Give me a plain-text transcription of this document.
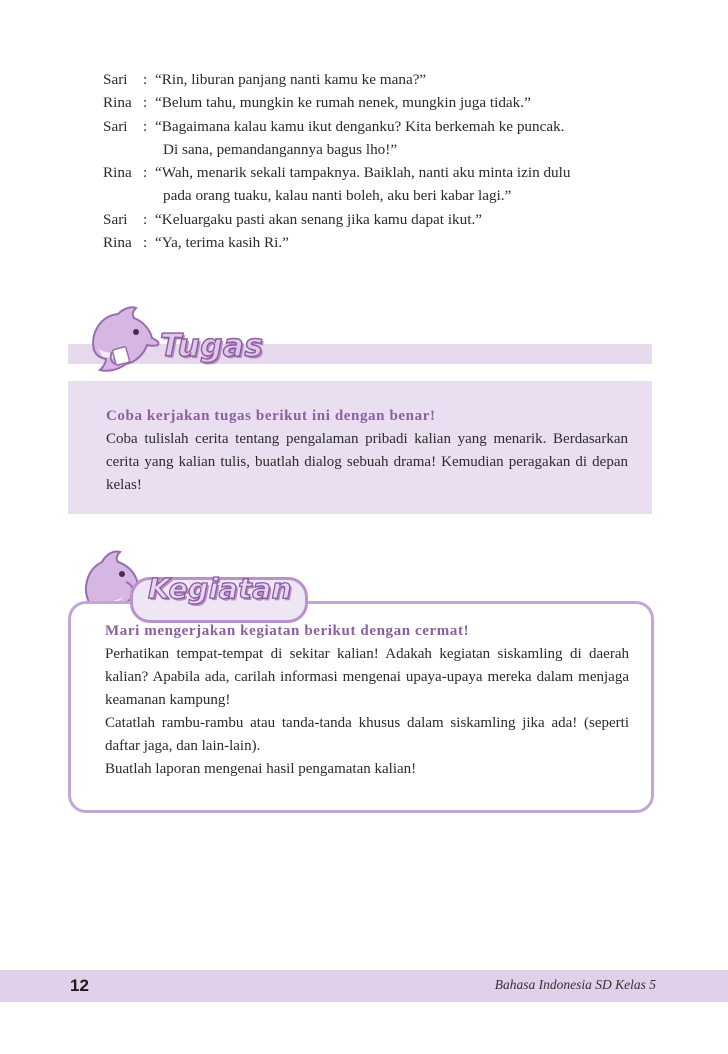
Sari	: “Rin, liburan panjang nanti kamu ke mana?”
Rina : “Belum tahu, mungkin ke rumah nenek, mungkin juga tidak.”
Sari	: “Bagaimana kalau kamu ikut denganku? Kita berkemah ke puncak.
Di sana, pemandangannya bagus lho!”
Rina : “Wah, menarik sekali tampaknya. Baiklah, nanti aku minta izin dulu
pada orang tuaku, kalau nanti boleh, aku beri kabar lagi.”
Sari	: “Keluargaku pasti akan senang jika kamu dapat ikut.”
Rina : “Ya, terima kasih Ri.”
Tugas
Coba kerjakan tugas berikut ini dengan benar!
Coba tulislah cerita tentang pengalaman pribadi kalian yang menarik. Berdasarkan cerita yang kalian tulis, buatlah dialog sebuah drama! Kemudian peragakan di depan kelas!
Mari mengerjakan kegiatan berikut dengan cermat!
Perhatikan tempat-tempat di sekitar kalian! Adakah kegiatan siskamling di daerah kalian? Apabila ada, carilah informasi mengenai upaya-upaya mereka dalam menjaga keamanan kampung!
Catatlah rambu-rambu atau tanda-tanda khusus dalam siskamling jika ada! (seperti daftar jaga, dan lain-lain).
Buatlah laporan mengenai hasil pengamatan kalian!
Kegiatan
12	Bahasa Indonesia SD Kelas 5
